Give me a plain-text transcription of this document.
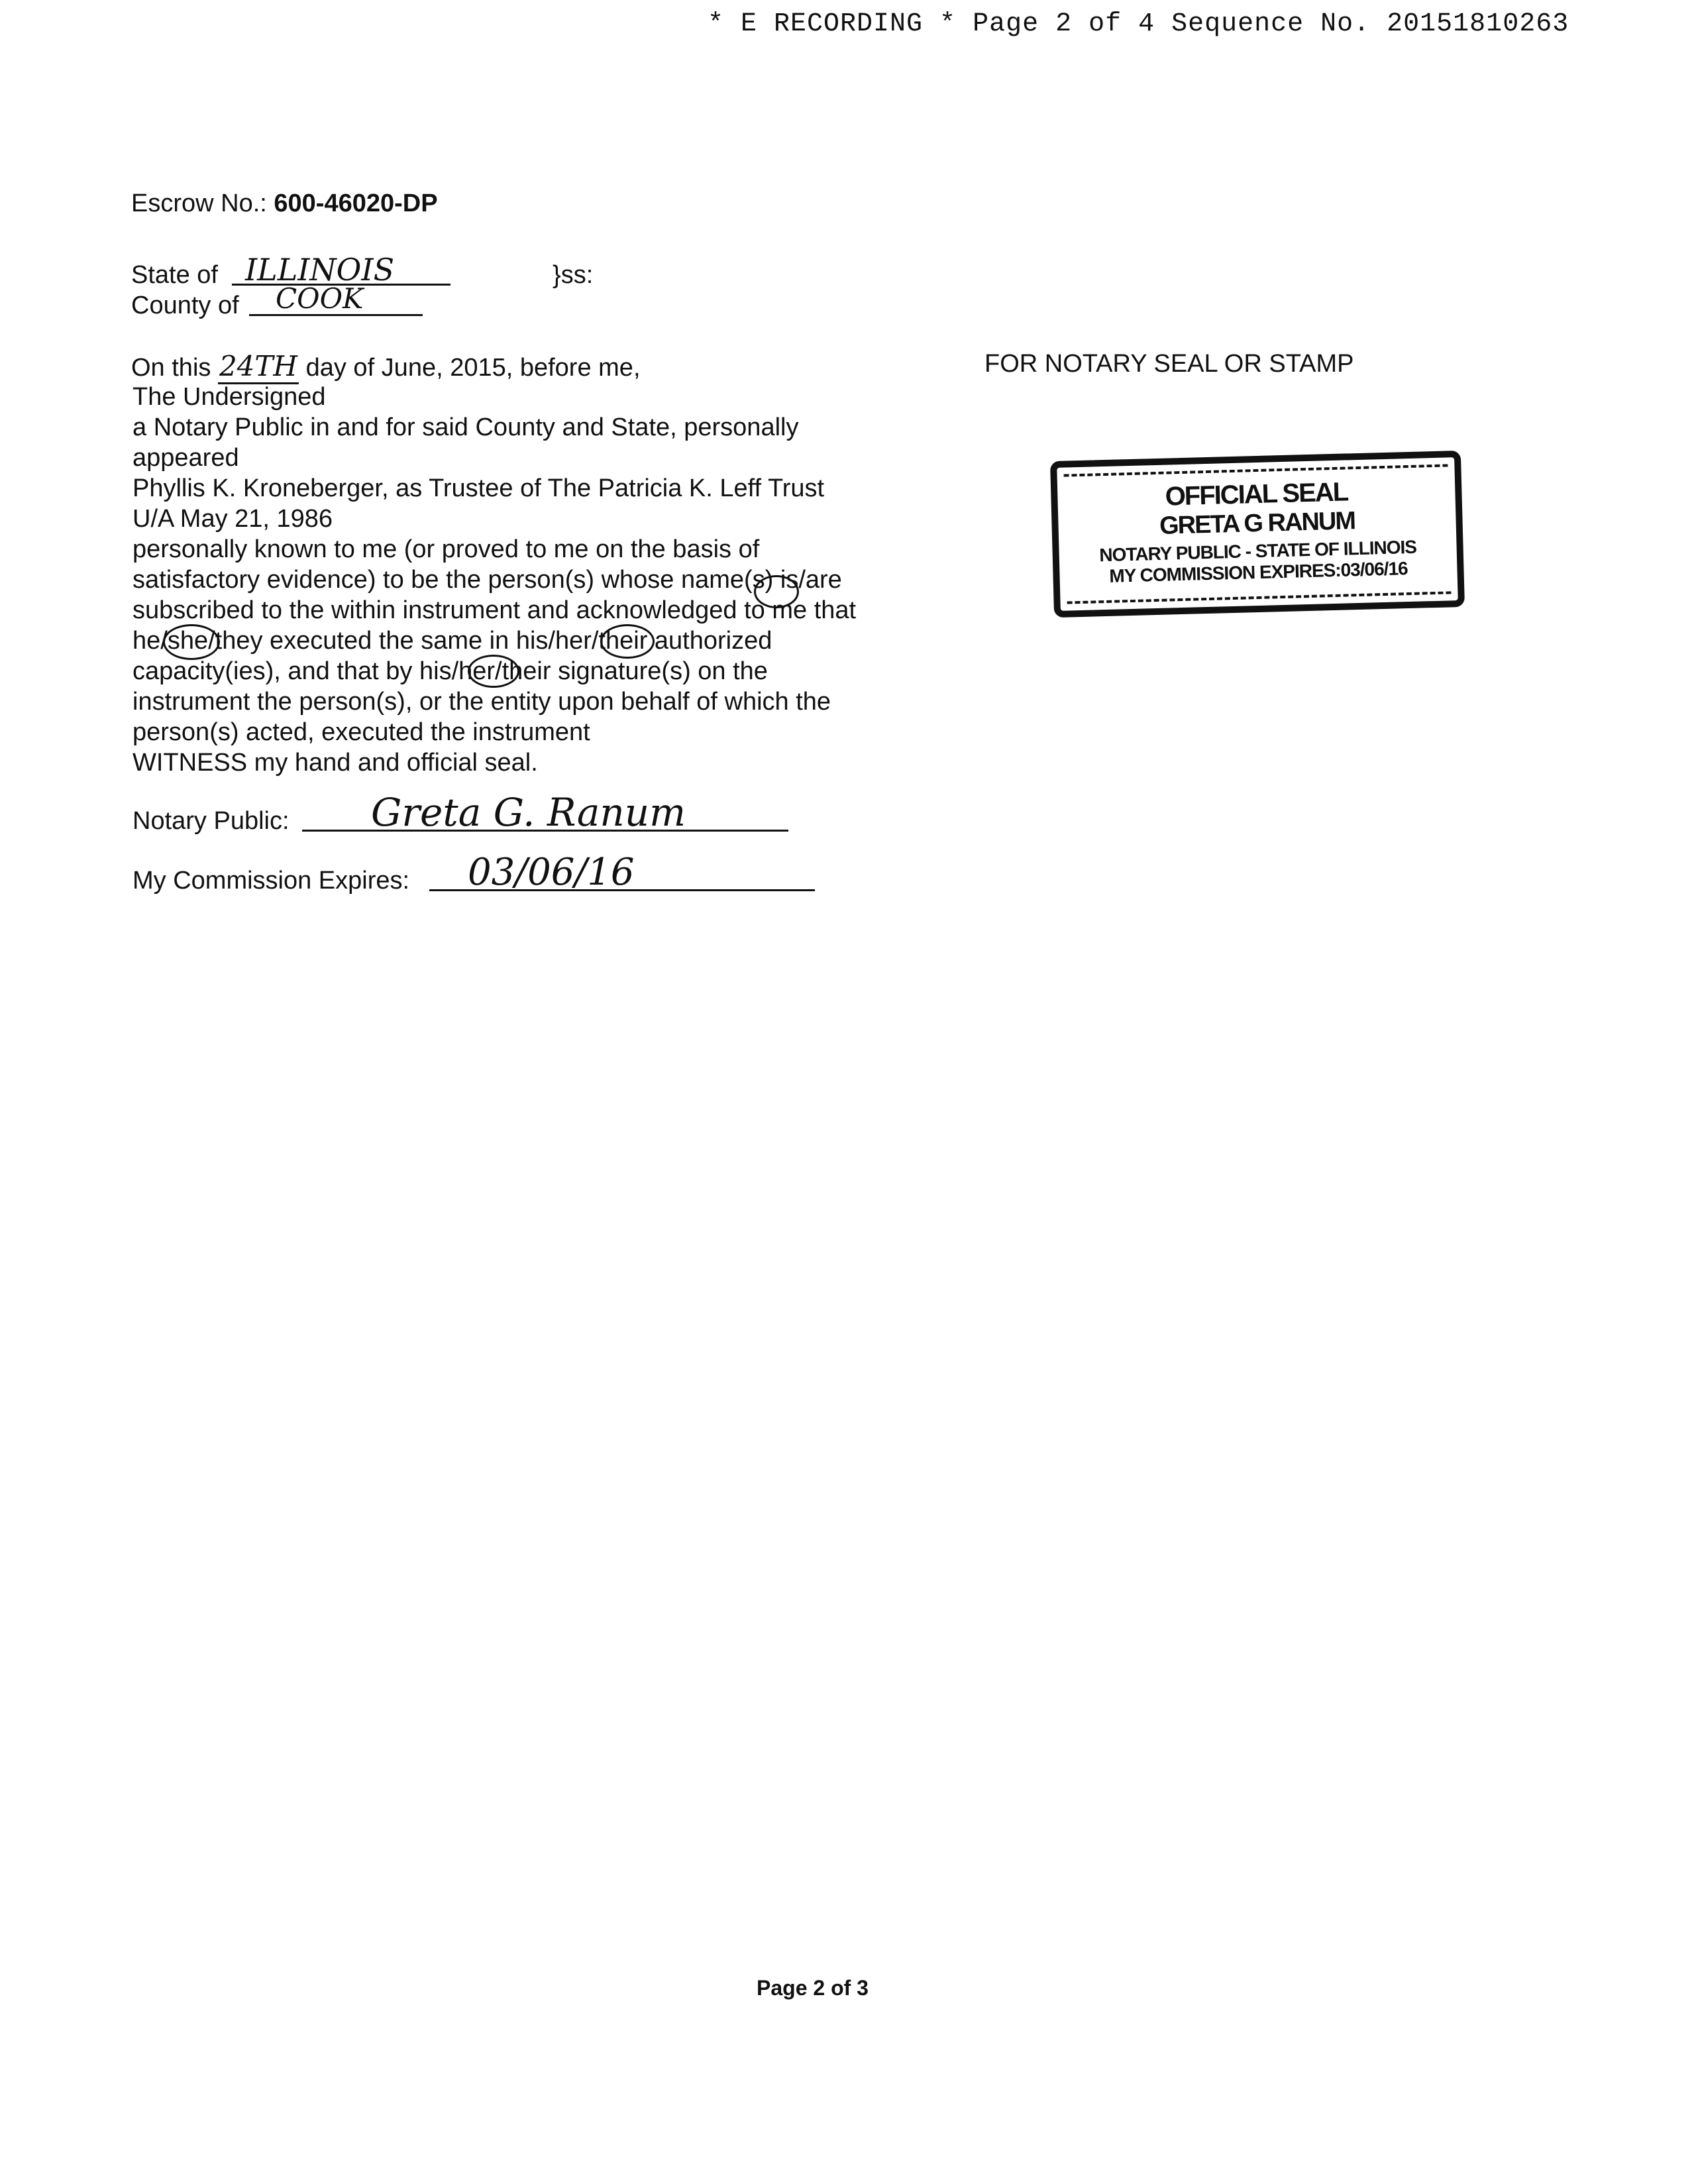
* E RECORDING * Page 2 of 4 Sequence No. 20151810263
Escrow No.: 600-46020-DP
State of ILLINOIS	}ss:
County of COOK
On this 24TH day of June, 2015, before me,
The Undersigned
a Notary Public in and for said County and State, personally
appeared
Phyllis K. Kroneberger, as Trustee of The Patricia K. Leff Trust
U/A May 21, 1986
personally known to me (or proved to me on the basis of
satisfactory evidence) to be the person(s) whose name(s) is/are
subscribed to the within instrument and acknowledged to me that
he/she/they executed the same in his/her/their authorized
capacity(ies), and that by his/her/their signature(s) on the
instrument the person(s), or the entity upon behalf of which the
person(s) acted, executed the instrument
WITNESS my hand and official seal.
Notary Public: Greta G. Ranum
My Commission Expires: 03/06/16
FOR NOTARY SEAL OR STAMP
OFFICIAL SEAL
GRETA G RANUM
NOTARY PUBLIC - STATE OF ILLINOIS
MY COMMISSION EXPIRES:03/06/16
Page 2 of 3
